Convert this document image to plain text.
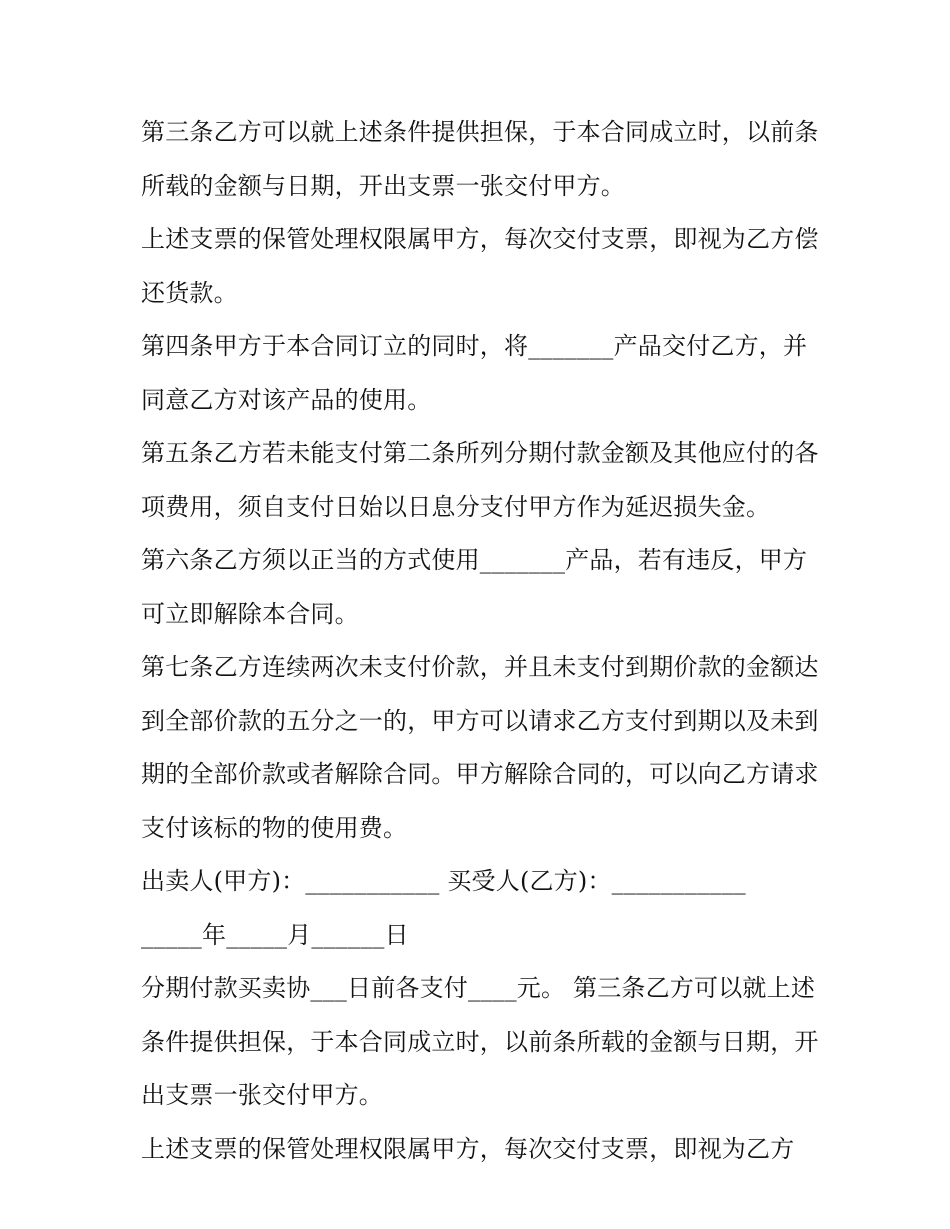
第三条乙方可以就上述条件提供担保，于本合同成立时，以前条所载的金额与日期，开出支票一张交付甲方。

上述支票的保管处理权限属甲方，每次交付支票，即视为乙方偿还货款。

第四条甲方于本合同订立的同时，将_______产品交付乙方，并同意乙方对该产品的使用。

第五条乙方若未能支付第二条所列分期付款金额及其他应付的各项费用，须自支付日始以日息分支付甲方作为延迟损失金。

第六条乙方须以正当的方式使用_______产品，若有违反，甲方可立即解除本合同。

第七条乙方连续两次未支付价款，并且未支付到期价款的金额达到全部价款的五分之一的，甲方可以请求乙方支付到期以及未到期的全部价款或者解除合同。甲方解除合同的，可以向乙方请求支付该标的物的使用费。

出卖人(甲方)：___________ 买受人(乙方)：___________

_____年_____月______日

分期付款买卖协___日前各支付____元。 第三条乙方可以就上述条件提供担保，于本合同成立时，以前条所载的金额与日期，开出支票一张交付甲方。

上述支票的保管处理权限属甲方，每次交付支票，即视为乙方
